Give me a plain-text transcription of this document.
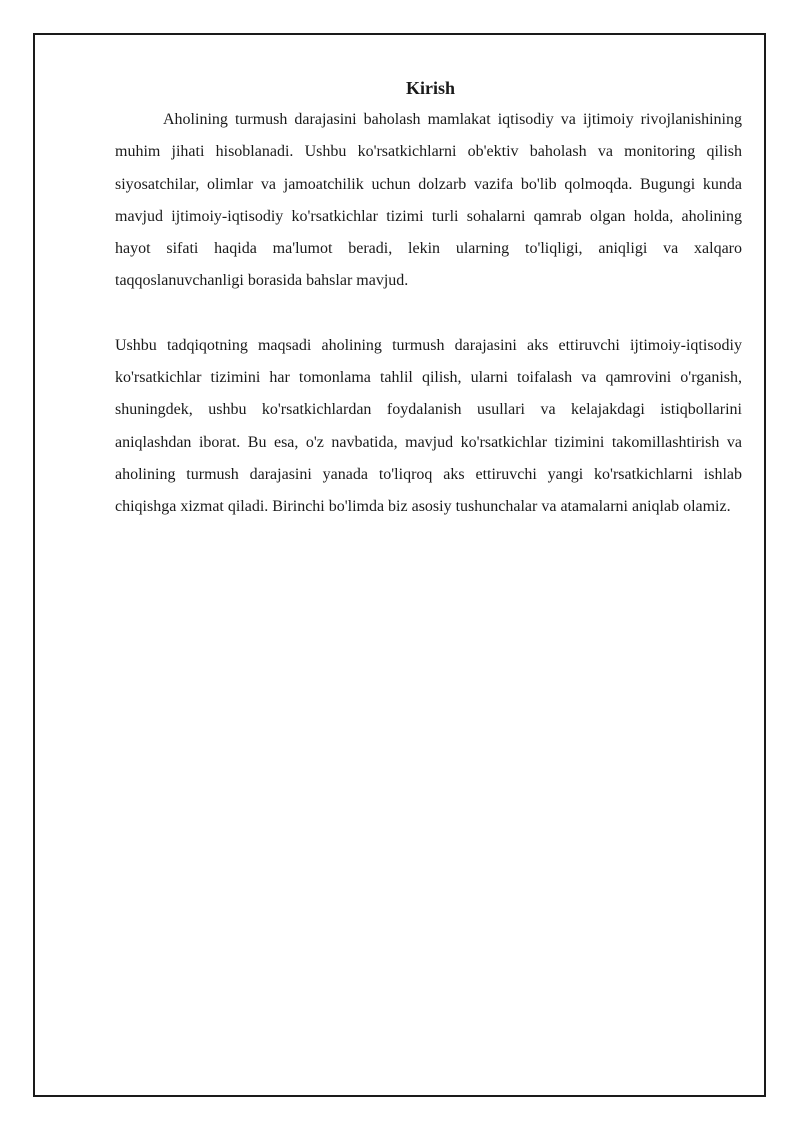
Kirish

Aholining turmush darajasini baholash mamlakat iqtisodiy va ijtimoiy rivojlanishining muhim jihati hisoblanadi. Ushbu ko'rsatkichlarni ob'ektiv baholash va monitoring qilish siyosatchilar, olimlar va jamoatchilik uchun dolzarb vazifa bo'lib qolmoqda. Bugungi kunda mavjud ijtimoiy-iqtisodiy ko'rsatkichlar tizimi turli sohalarni qamrab olgan holda, aholining hayot sifati haqida ma'lumot beradi, lekin ularning to'liqligi, aniqligi va xalqaro taqqoslanuvchanligi borasida bahslar mavjud.

Ushbu tadqiqotning maqsadi aholining turmush darajasini aks ettiruvchi ijtimoiy-iqtisodiy ko'rsatkichlar tizimini har tomonlama tahlil qilish, ularni toifalash va qamrovini o'rganish, shuningdek, ushbu ko'rsatkichlardan foydalanish usullari va kelajakdagi istiqbollarini aniqlashdan iborat. Bu esa, o'z navbatida, mavjud ko'rsatkichlar tizimini takomillashtirish va aholining turmush darajasini yanada to'liqroq aks ettiruvchi yangi ko'rsatkichlarni ishlab chiqishga xizmat qiladi. Birinchi bo'limda biz asosiy tushunchalar va atamalarni aniqlab olamiz.
